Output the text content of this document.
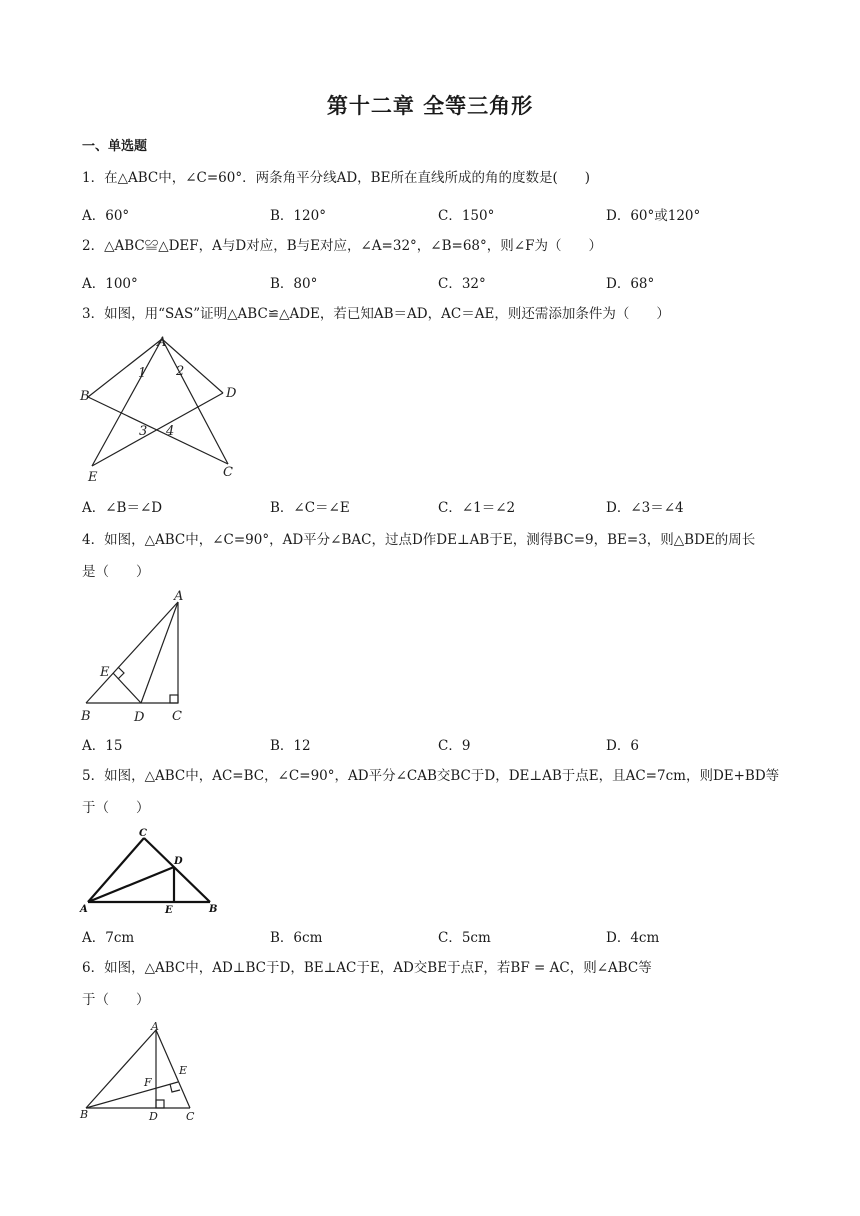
第十二章 全等三角形
一、单选题
1．在△ABC中，∠C=60°．两条角平分线AD，BE所在直线所成的角的度数是(　　)
A．60°	B．120°	C．150°	D．60°或120°
2．△ABC≌△DEF，A与D对应，B与E对应，∠A=32°，∠B=68°，则∠F为（　　）
A．100°	B．80°	C．32°	D．68°
3．如图，用“SAS”证明△ABC≌△ADE，若已知AB＝AD，AC＝AE，则还需添加条件为（　　）
A
B
C
D
E
1 2
3 4
A．∠B＝∠D	B．∠C＝∠E	C．∠1＝∠2	D．∠3＝∠4
4．如图，△ABC中，∠C=90°，AD平分∠BAC，过点D作DE⊥AB于E，测得BC=9，BE=3，则△BDE的周长
是（　　）
A
E
B	D C
A．15	B．12	C．9	D．6
5．如图，△ABC中，AC=BC，∠C=90°，AD平分∠CAB交BC于D，DE⊥AB于点E，且AC=7cm，则DE+BD等
于（　　）
C
D
A	E	B
A．7cm	B．6cm	C．5cm	D．4cm
6．如图，△ABC中，AD⊥BC于D，BE⊥AC于E，AD交BE于点F，若BF = AC，则∠ABC等
于（　　）
A
E
F
B	D	C
